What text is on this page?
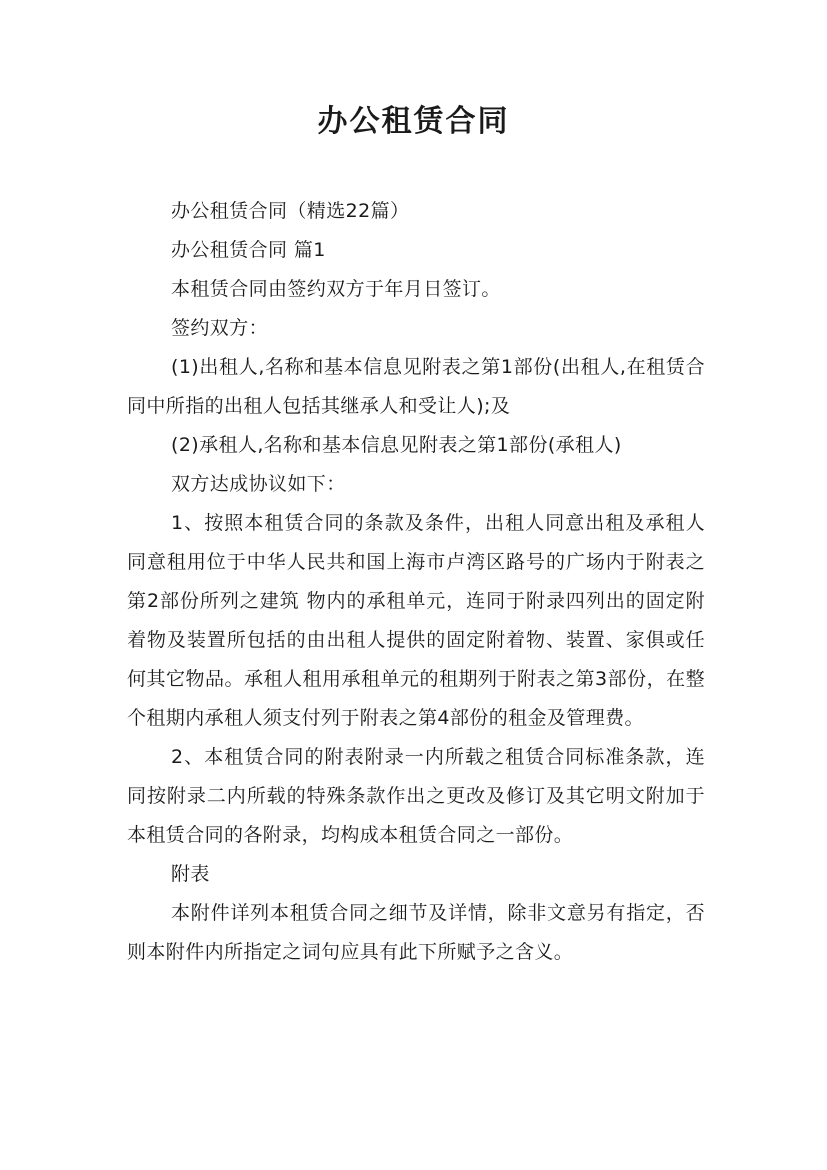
办公租赁合同

办公租赁合同（精选22篇）

办公租赁合同 篇1

本租赁合同由签约双方于年月日签订。

签约双方：

(1)出租人,名称和基本信息见附表之第1部份(出租人,在租赁合同中所指的出租人包括其继承人和受让人);及

(2)承租人,名称和基本信息见附表之第1部份(承租人)

双方达成协议如下：

1、按照本租赁合同的条款及条件，出租人同意出租及承租人同意租用位于中华人民共和国上海市卢湾区路号的广场内于附表之第2部份所列之建筑 物内的承租单元，连同于附录四列出的固定附着物及装置所包括的由出租人提供的固定附着物、装置、家俱或任何其它物品。承租人租用承租单元的租期列于附表之第3部份，在整个租期内承租人须支付列于附表之第4部份的租金及管理费。

2、本租赁合同的附表附录一内所载之租赁合同标准条款，连同按附录二内所载的特殊条款作出之更改及修订及其它明文附加于本租赁合同的各附录，均构成本租赁合同之一部份。

附表

本附件详列本租赁合同之细节及详情，除非文意另有指定，否则本附件内所指定之词句应具有此下所赋予之含义。
